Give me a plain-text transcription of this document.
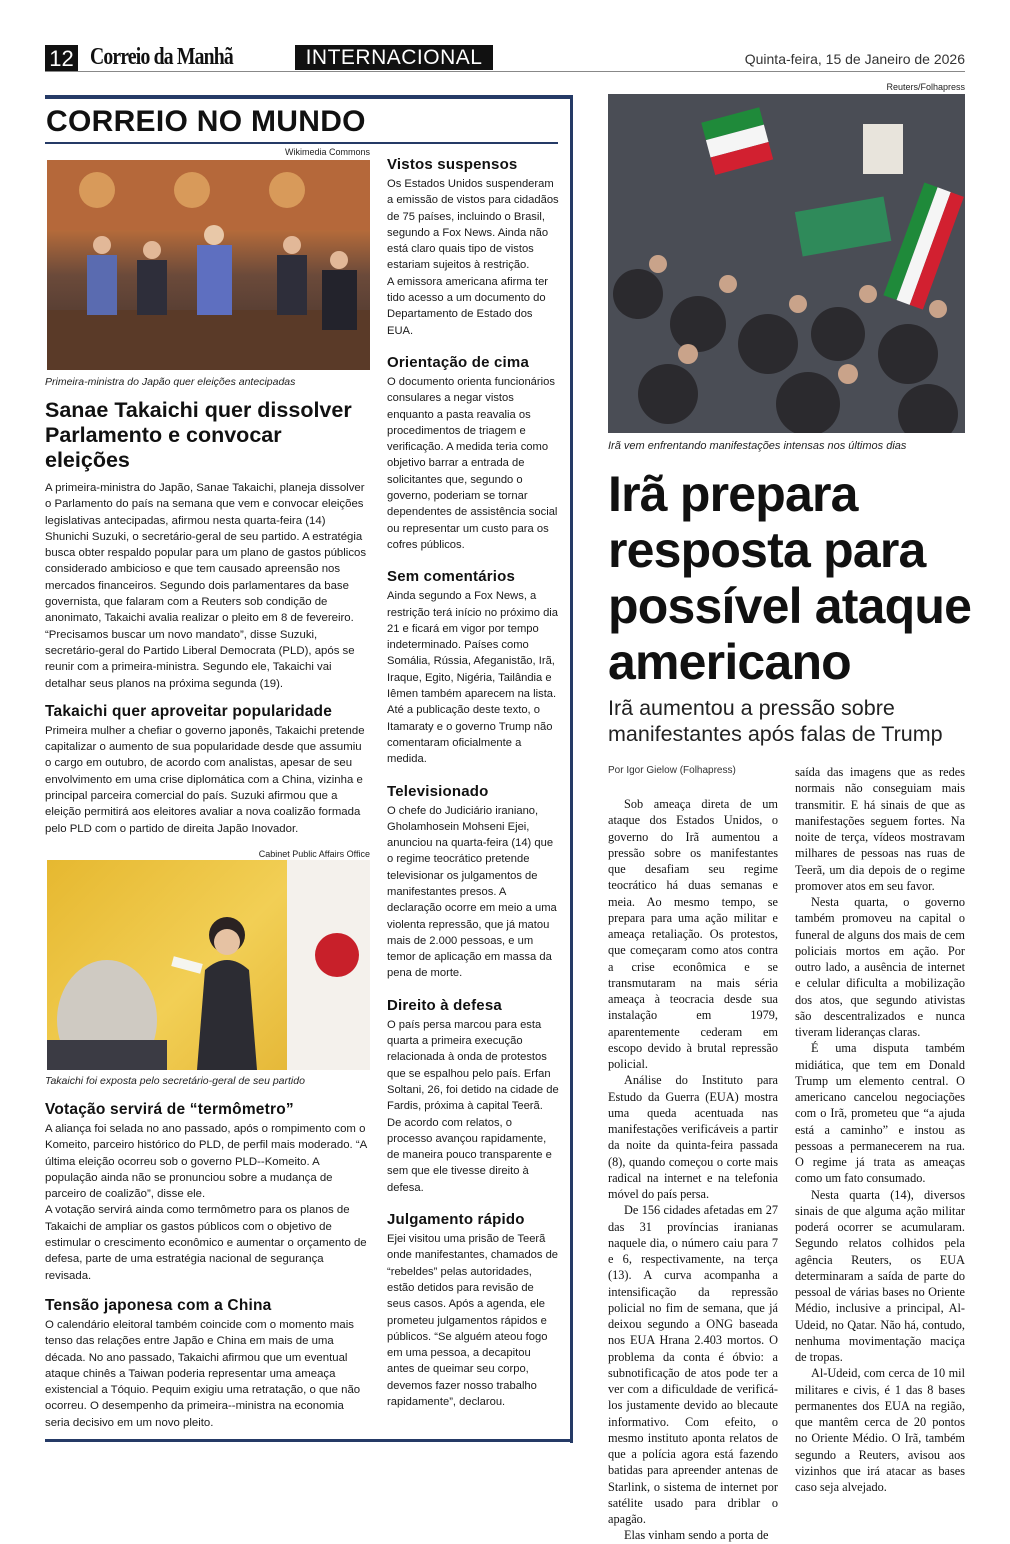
12 Correio da Manhã	INTERNACIONAL	Quinta-feira, 15 de Janeiro de 2026
CORREIO NO MUNDO
Wikimedia Commons
Primeira-ministra do Japão quer eleições antecipadas
Sanae Takaichi quer dissolver Parlamento e convocar eleições

A primeira-ministra do Japão, Sanae Takaichi, planeja dissolver o Parlamento do país na semana que vem e convocar eleições legislativas antecipadas, afirmou nesta quarta-feira (14) Shunichi Suzuki, o secretário-geral de seu partido. A estratégia busca obter respaldo popular para um plano de gastos públicos considerado ambicioso e que tem causado apreensão nos mercados financeiros. Segundo dois parlamentares da base governista, que falaram com a Reuters sob condição de anonimato, Takaichi avalia realizar o pleito em 8 de fevereiro. “Precisamos buscar um novo mandato”, disse Suzuki, secretário-geral do Partido Liberal Democrata (PLD), após se reunir com a primeira-ministra. Segundo ele, Takaichi vai detalhar seus planos na próxima segunda (19).

Takaichi quer aproveitar popularidade

Primeira mulher a chefiar o governo japonês, Takaichi pretende capitalizar o aumento de sua popularidade desde que assumiu o cargo em outubro, de acordo com analistas, apesar de seu envolvimento em uma crise diplomática com a China, vizinha e principal parceira comercial do país. Suzuki afirmou que a eleição permitirá aos eleitores avaliar a nova coalizão formada pelo PLD com o partido de direita Japão Inovador.

Cabinet Public Affairs Office
Takaichi foi exposta pelo secretário-geral de seu partido
Votação servirá de “termômetro”

A aliança foi selada no ano passado, após o rompimento com o Komeito, parceiro histórico do PLD, de perfil mais moderado. “A última eleição ocorreu sob o governo PLD--Komeito. A população ainda não se pronunciou sobre a mudança de parceiro de coalizão”, disse ele.

A votação servirá ainda como termômetro para os planos de Takaichi de ampliar os gastos públicos com o objetivo de estimular o crescimento econômico e aumentar o orçamento de defesa, parte de uma estratégia nacional de segurança revisada.

Tensão japonesa com a China

O calendário eleitoral também coincide com o momento mais tenso das relações entre Japão e China em mais de uma década. No ano passado, Takaichi afirmou que um eventual ataque chinês a Taiwan poderia representar uma ameaça existencial a Tóquio. Pequim exigiu uma retratação, o que não ocorreu. O desempenho da primeira--ministra na economia seria decisivo em um novo pleito.

Vistos suspensos

Os Estados Unidos suspenderam a emissão de vistos para cidadãos de 75 países, incluindo o Brasil, segundo a Fox News. Ainda não está claro quais tipo de vistos estariam sujeitos à restrição.

A emissora americana afirma ter tido acesso a um documento do Departamento de Estado dos EUA.

Orientação de cima

O documento orienta funcionários consulares a negar vistos enquanto a pasta reavalia os procedimentos de triagem e verificação. A medida teria como objetivo barrar a entrada de solicitantes que, segundo o governo, poderiam se tornar dependentes de assistência social ou representar um custo para os cofres públicos.

Sem comentários

Ainda segundo a Fox News, a restrição terá início no próximo dia 21 e ficará em vigor por tempo indeterminado. Países como Somália, Rússia, Afeganistão, Irã, Iraque, Egito, Nigéria, Tailândia e Iêmen também aparecem na lista. Até a publicação deste texto, o Itamaraty e o governo Trump não comentaram oficialmente a medida.

Televisionado

O chefe do Judiciário iraniano, Gholamhosein Mohseni Ejei, anunciou na quarta-feira (14) que o regime teocrático pretende televisionar os julgamentos de manifestantes presos. A declaração ocorre em meio a uma violenta repressão, que já matou mais de 2.000 pessoas, e um temor de aplicação em massa da pena de morte.

Direito à defesa

O país persa marcou para esta quarta a primeira execução relacionada à onda de protestos que se espalhou pelo país. Erfan Soltani, 26, foi detido na cidade de Fardis, próxima à capital Teerã. De acordo com relatos, o processo avançou rapidamente, de maneira pouco transparente e sem que ele tivesse direito à defesa.

Julgamento rápido

Ejei visitou uma prisão de Teerã onde manifestantes, chamados de “rebeldes” pelas autoridades, estão detidos para revisão de seus casos. Após a agenda, ele prometeu julgamentos rápidos e públicos. “Se alguém ateou fogo em uma pessoa, a decapitou antes de queimar seu corpo, devemos fazer nosso trabalho rapidamente”, declarou.

Reuters/Folhapress
Irã vem enfrentando manifestações intensas nos últimos dias
Irã prepara resposta para possível ataque americano
Irã aumentou a pressão sobre manifestantes após falas de Trump
Por Igor Gielow (Folhapress)

Sob ameaça direta de um ataque dos Estados Unidos, o governo do Irã aumentou a pressão sobre os manifestantes que desafiam seu regime teocrático há duas semanas e meia. Ao mesmo tempo, se prepara para uma ação militar e ameaça retaliação. Os protestos, que começaram como atos contra a crise econômica e se transmutaram na mais séria ameaça à teocracia desde sua instalação em 1979, aparentemente cederam em escopo devido à brutal repressão policial.

Análise do Instituto para Estudo da Guerra (EUA) mostra uma queda acentuada nas manifestações verificáveis a partir da noite da quinta-feira passada (8), quando começou o corte mais radical na internet e na telefonia móvel do país persa.

De 156 cidades afetadas em 27 das 31 províncias iranianas naquele dia, o número caiu para 7 e 6, respectivamente, na terça (13). A curva acompanha a intensificação da repressão policial no fim de semana, que já deixou segundo a ONG baseada nos EUA Hrana 2.403 mortos. O problema da conta é óbvio: a subnotificação de atos pode ter a ver com a dificuldade de verificá-los justamente devido ao blecaute informativo. Com efeito, o mesmo instituto aponta relatos de que a polícia agora está fazendo batidas para apreender antenas de Starlink, o sistema de internet por satélite usado para driblar o apagão.

Elas vinham sendo a porta de

saída das imagens que as redes normais não conseguiam mais transmitir. E há sinais de que as manifestações seguem fortes. Na noite de terça, vídeos mostravam milhares de pessoas nas ruas de Teerã, um dia depois de o regime promover atos em seu favor.

Nesta quarta, o governo também promoveu na capital o funeral de alguns dos mais de cem policiais mortos em ação. Por outro lado, a ausência de internet e celular dificulta a mobilização dos atos, que segundo ativistas são descentralizados e nunca tiveram lideranças claras.

É uma disputa também midiática, que tem em Donald Trump um elemento central. O americano cancelou negociações com o Irã, prometeu que “a ajuda está a caminho” e instou as pessoas a permanecerem na rua. O regime já trata as ameaças como um fato consumado.

Nesta quarta (14), diversos sinais de que alguma ação militar poderá ocorrer se acumularam. Segundo relatos colhidos pela agência Reuters, os EUA determinaram a saída de parte do pessoal de várias bases no Oriente Médio, inclusive a principal, Al-Udeid, no Qatar. Não há, contudo, nenhuma movimentação maciça de tropas.

Al-Udeid, com cerca de 10 mil militares e civis, é 1 das 8 bases permanentes dos EUA na região, que mantêm cerca de 20 pontos no Oriente Médio. O Irã, também segundo a Reuters, avisou aos vizinhos que irá atacar as bases caso seja alvejado.
